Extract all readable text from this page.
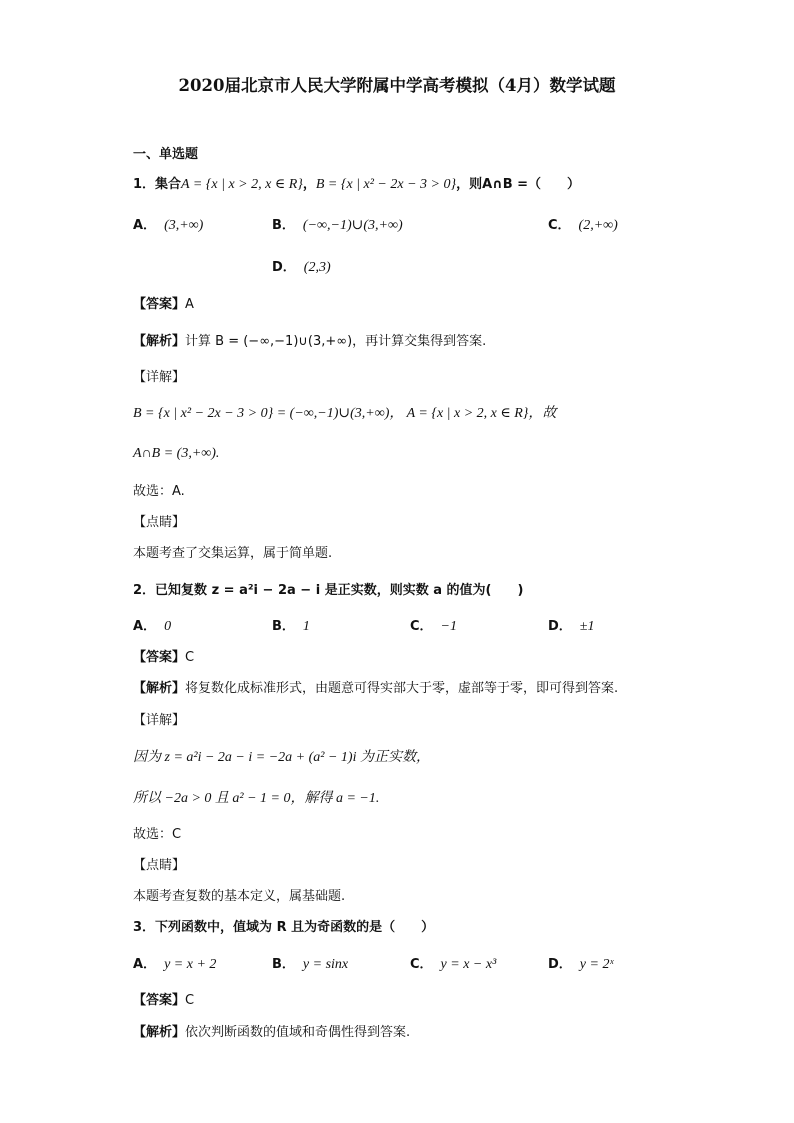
2020届北京市人民大学附属中学高考模拟（4月）数学试题
一、单选题
1．集合A = {x | x > 2, x ∈ R}，B = {x | x² − 2x − 3 > 0}，则A∩B =（　　）
A． (3,+∞)	B． (−∞,−1)∪(3,+∞)	C． (2,+∞)
D． (2,3)
【答案】A
【解析】计算 B = (−∞,−1)∪(3,+∞)，再计算交集得到答案.
【详解】
B = {x | x² − 2x − 3 > 0} = (−∞,−1)∪(3,+∞)， A = {x | x > 2, x ∈ R}，故
A∩B = (3,+∞).
故选：A.
【点睛】
本题考查了交集运算，属于简单题.
2．已知复数 z = a²i − 2a − i 是正实数，则实数 a 的值为(　　)
A． 0	B． 1	C． −1	D． ±1
【答案】C
【解析】将复数化成标准形式，由题意可得实部大于零，虚部等于零，即可得到答案.
【详解】
因为 z = a²i − 2a − i = −2a + (a² − 1)i 为正实数，
所以 −2a > 0 且 a² − 1 = 0，解得 a = −1.
故选：C
【点睛】
本题考查复数的基本定义，属基础题.
3．下列函数中，值域为 R 且为奇函数的是（　　）
A． y = x + 2	B． y = sinx	C． y = x − x³	D． y = 2ˣ
【答案】C
【解析】依次判断函数的值域和奇偶性得到答案.
